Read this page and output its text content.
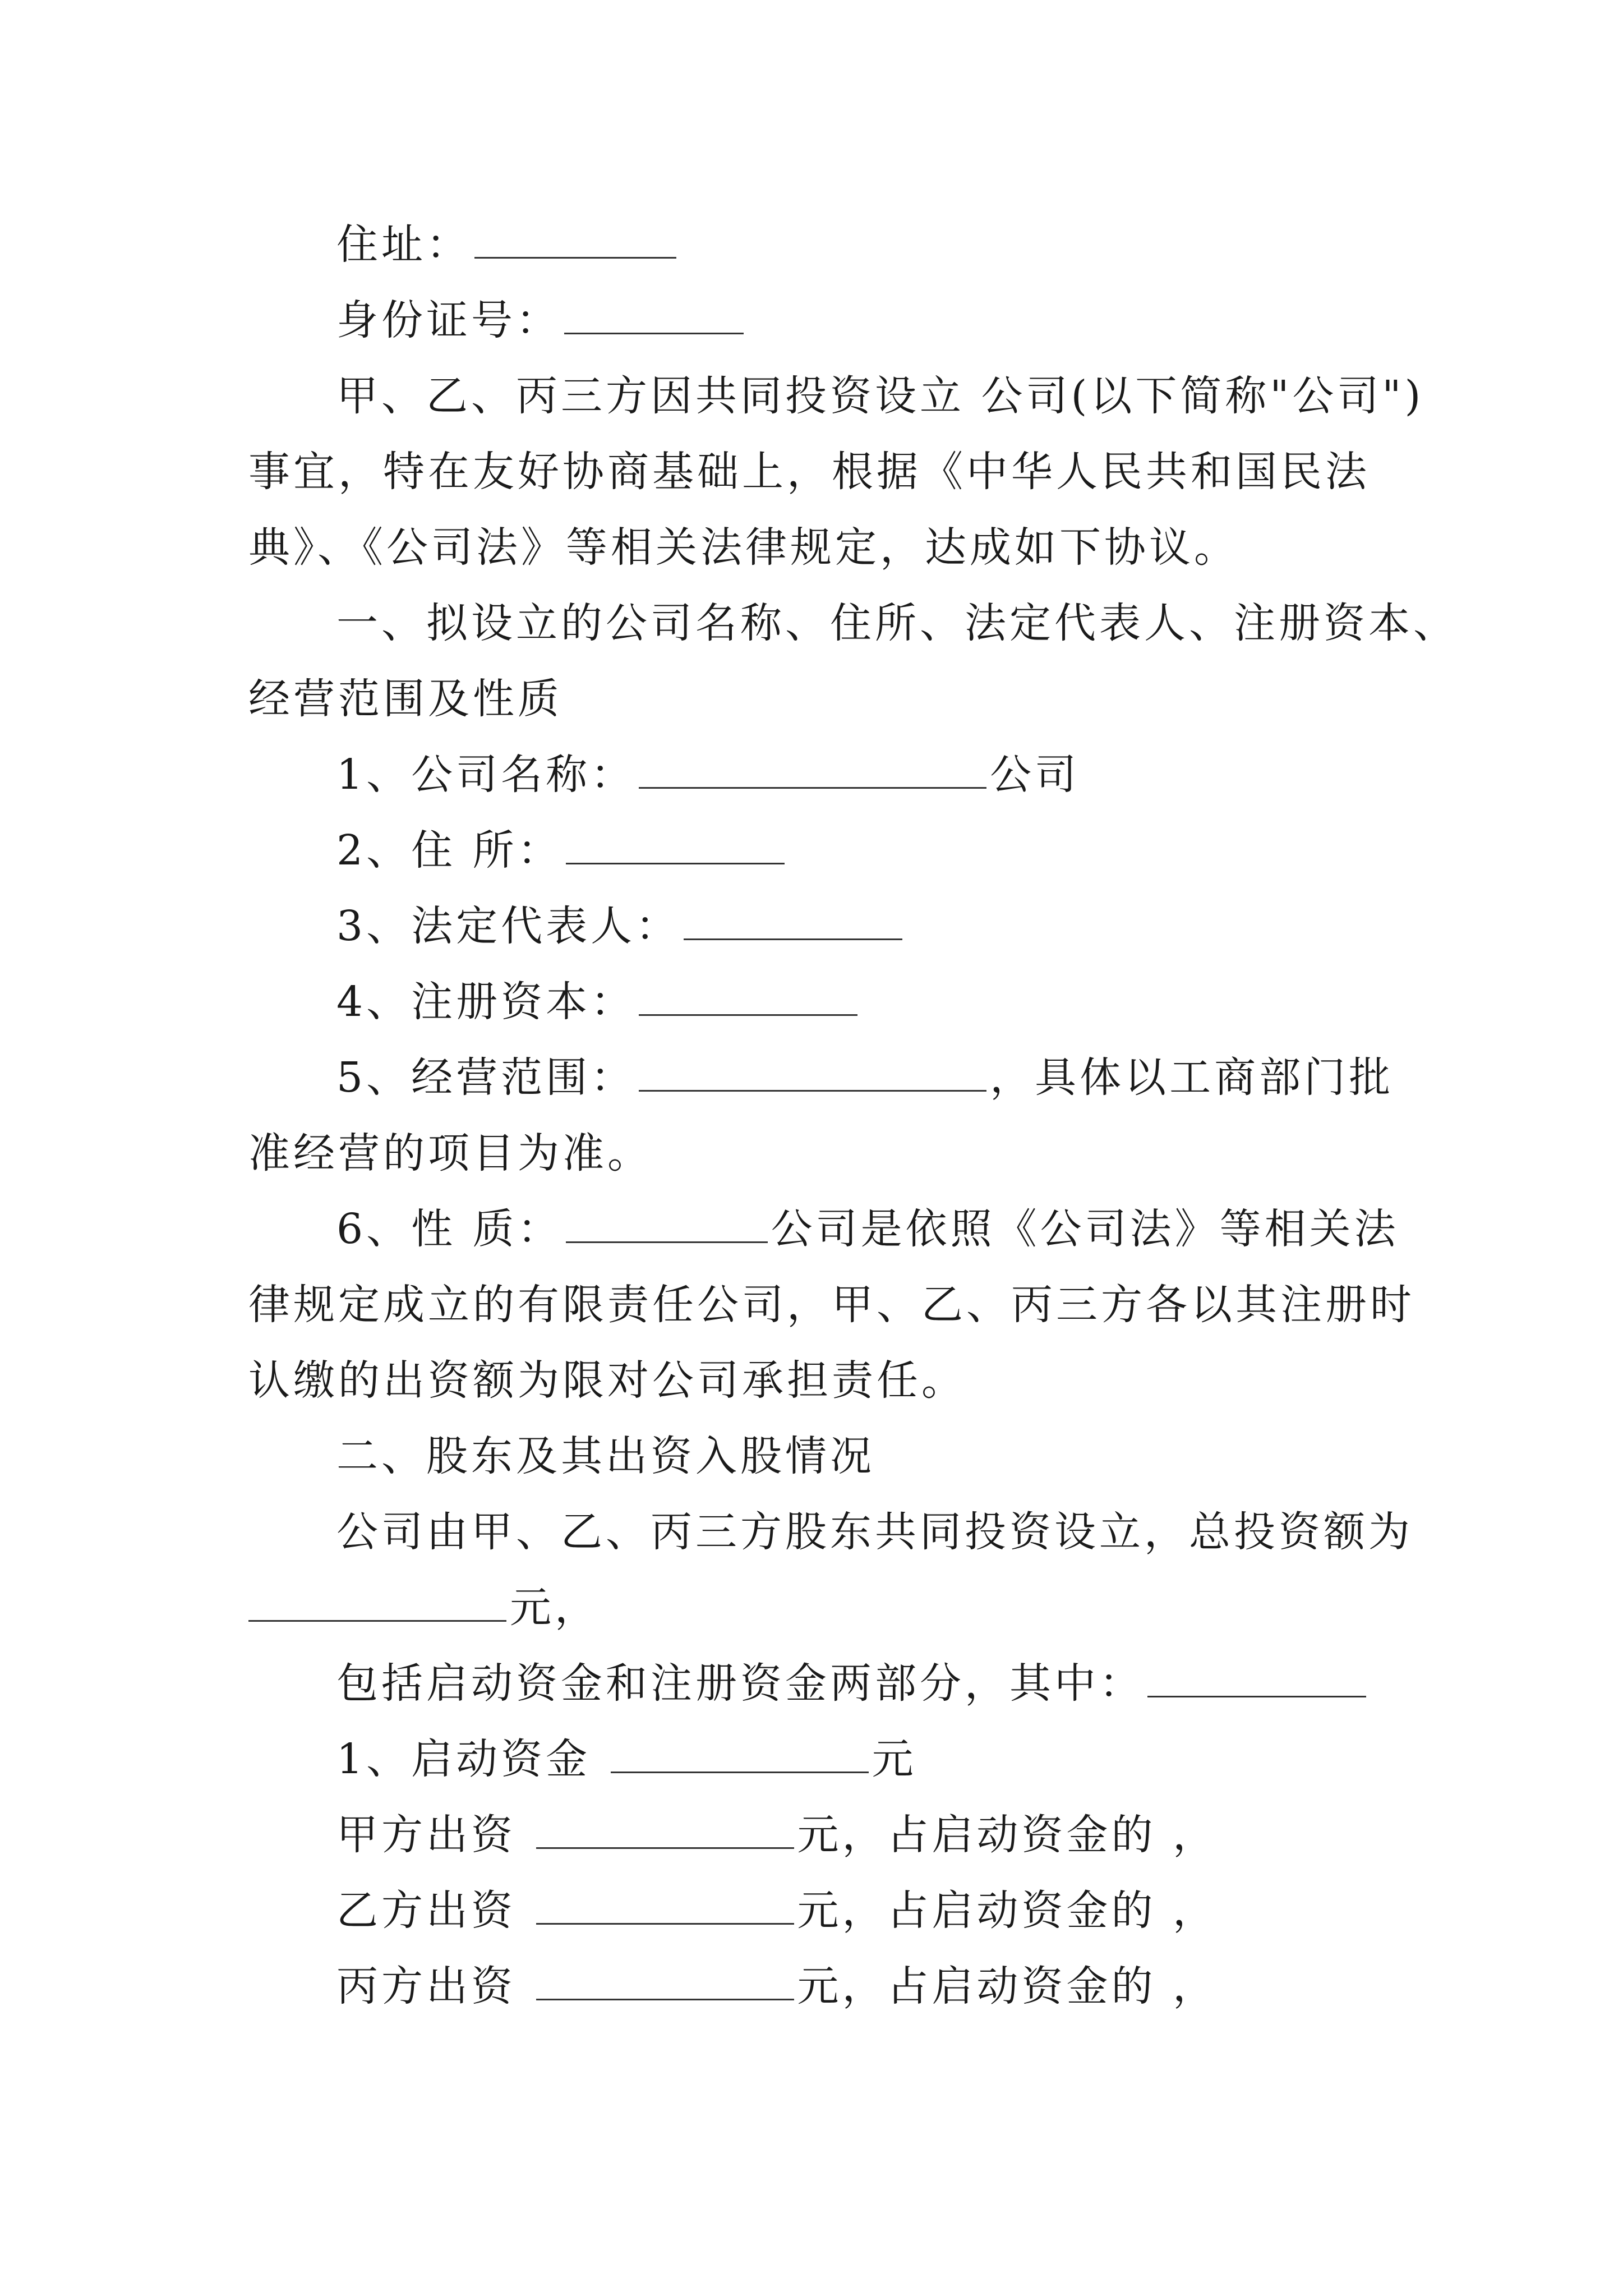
住址：
身份证号：
甲、乙、丙三方因共同投资设立 公司(以下简称"公司")
事宜，特在友好协商基础上，根据《中华人民共和国民法
典》、《公司法》等相关法律规定，达成如下协议。
一、拟设立的公司名称、住所、法定代表人、注册资本、
经营范围及性质
1、公司名称：	公司
2、住 所：
3、法定代表人：
4、注册资本：
5、经营范围：	，具体以工商部门批
准经营的项目为准。
6、性 质：	公司是依照《公司法》等相关法
律规定成立的有限责任公司，甲、乙、丙三方各以其注册时
认缴的出资额为限对公司承担责任。
二、股东及其出资入股情况
公司由甲、乙、丙三方股东共同投资设立，总投资额为
元，
包括启动资金和注册资金两部分，其中：
1、启动资金	元
甲方出资	元，占启动资金的 ，
乙方出资	元，占启动资金的 ，
丙方出资	元，占启动资金的 ，
